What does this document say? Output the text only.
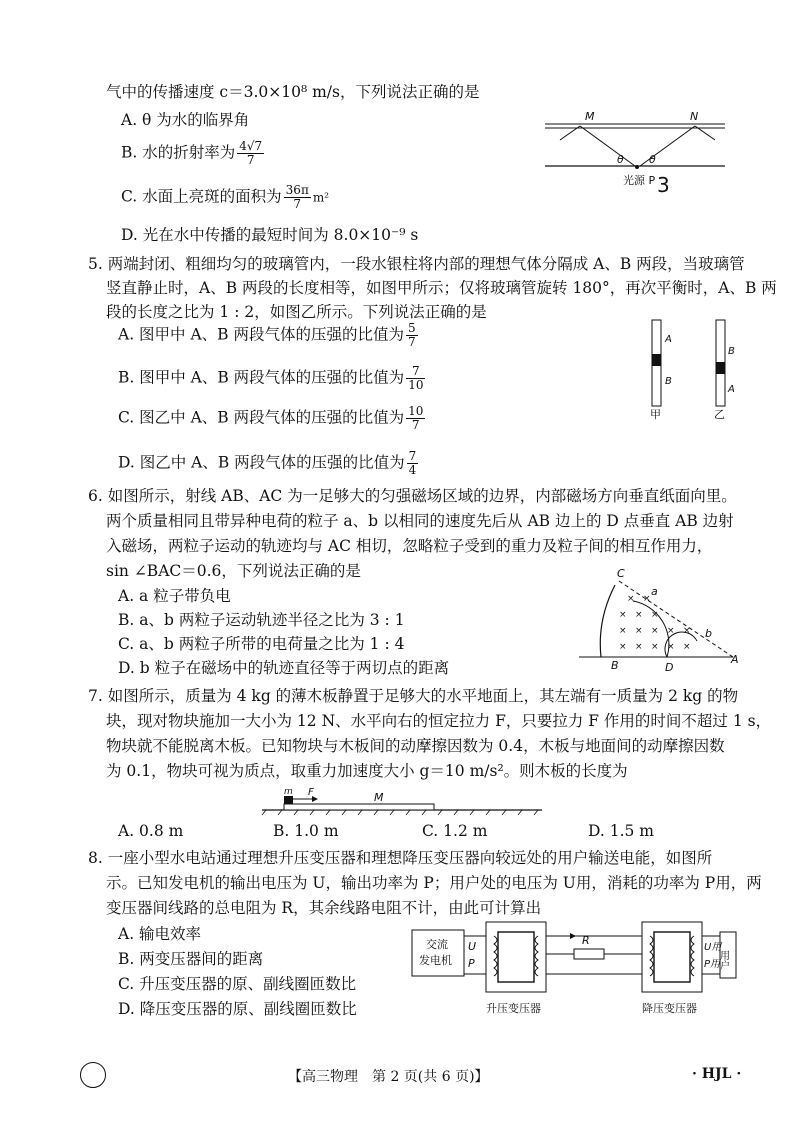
气中的传播速度 c＝3.0×10⁸ m/s，下列说法正确的是
A. θ 为水的临界角
B. 水的折射率为 $\frac{4√7}{7}$
C. 水面上亮斑的面积为 $\frac{36\pi}{7} m^2$
D. 光在水中传播的最短时间为 8.0×10⁻⁹ s
M	N
θ θ
光源 P 3
5. 两端封闭、粗细均匀的玻璃管内，一段水银柱将内部的理想气体分隔成 A、B 两段，当玻璃管
竖直静止时，A、B 两段的长度相等，如图甲所示；仅将玻璃管旋转 180°，再次平衡时，A、B 两
段的长度之比为 1 : 2，如图乙所示。下列说法正确的是
A. 图甲中 A、B 两段气体的压强的比值为 $\frac{5}{7}$
B. 图甲中 A、B 两段气体的压强的比值为 $\frac{7}{10}$
C. 图乙中 A、B 两段气体的压强的比值为 $\frac{10}{7}$
D. 图乙中 A、B 两段气体的压强的比值为 $\frac{7}{4}$
A
B
甲
B
A
乙
6. 如图所示，射线 AB、AC 为一足够大的匀强磁场区域的边界，内部磁场方向垂直纸面向里。
两个质量相同且带异种电荷的粒子 a、b 以相同的速度先后从 AB 边上的 D 点垂直 AB 边射
入磁场，两粒子运动的轨迹均与 AC 相切，忽略粒子受到的重力及粒子间的相互作用力，
sin ∠BAC＝0.6，下列说法正确的是
A. a 粒子带负电
B. a、b 两粒子运动轨迹半径之比为 3 : 1
C. a、b 两粒子所带的电荷量之比为 1 : 4
D. b 粒子在磁场中的轨迹直径等于两切点的距离
× ×
× × ×
× × × × ×
× × × × ×
C
a
b
B	D
A
7. 如图所示，质量为 4 kg 的薄木板静置于足够大的水平地面上，其左端有一质量为 2 kg 的物
块，现对物块施加一大小为 12 N、水平向右的恒定拉力 F，只要拉力 F 作用的时间不超过 1 s，
物块就不能脱离木板。已知物块与木板间的动摩擦因数为 0.4，木板与地面间的动摩擦因数
为 0.1，物块可视为质点，取重力加速度大小 g＝10 m/s²。则木板的长度为
m F	M
A. 0.8 m	B. 1.0 m	C. 1.2 m	D. 1.5 m
8. 一座小型水电站通过理想升压变压器和理想降压变压器向较远处的用户输送电能，如图所
示。已知发电机的输出电压为 U，输出功率为 P；用户处的电压为 U用，消耗的功率为 P用，两
变压器间线路的总电阻为 R，其余线路电阻不计，由此可计算出
A. 输电效率
B. 两变压器间的距离
C. 升压变压器的原、副线圈匝数比
D. 降压变压器的原、副线圈匝数比
交流
发电机
U
P
R
U用
P用
用户
升压变压器	降压变压器
【高三物理　第 2 页(共 6 页)】	· HJL ·
